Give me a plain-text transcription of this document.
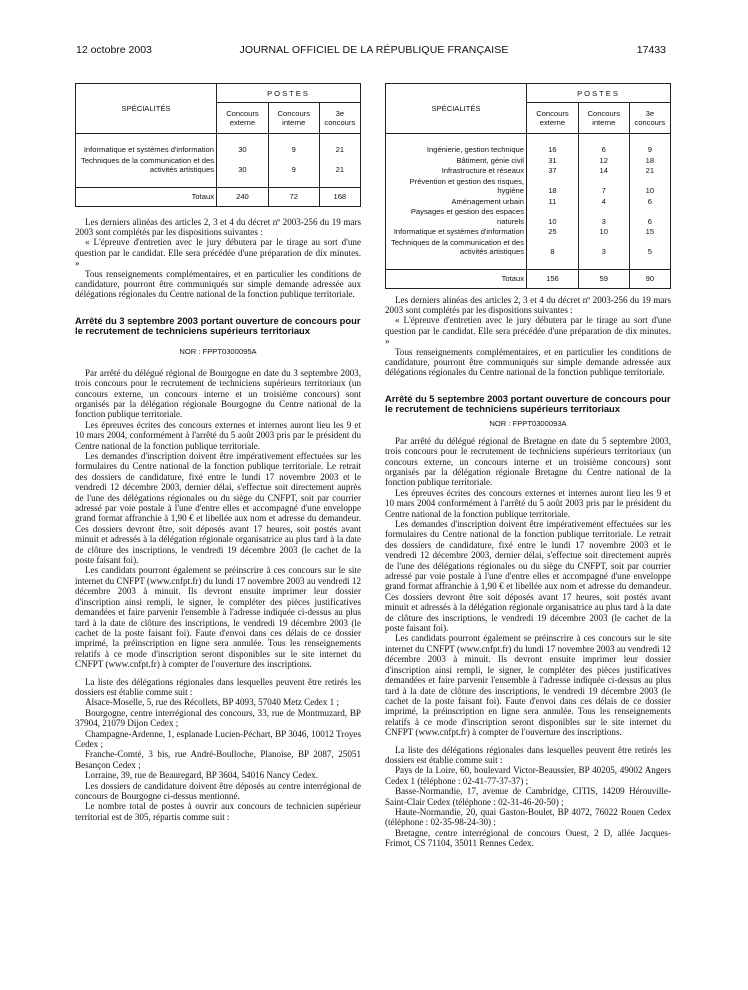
12 octobre 2003	JOURNAL OFFICIEL DE LA RÉPUBLIQUE FRANÇAISE	17433
SPÉCIALITÉS	POSTES		
	Concours externe	Concours interne	3e concours

Informatique et systèmes d'information	30	9	21
Techniques de la communication et des activités artistiques	30	9	21

Totaux	240	72	168

Les derniers alinéas des articles 2, 3 et 4 du décret nº 2003-256 du 19 mars 2003 sont complétés par les dispositions suivantes :

« L'épreuve d'entretien avec le jury débutera par le tirage au sort d'une question par le candidat. Elle sera précédée d'une préparation de dix minutes. »

Tous renseignements complémentaires, et en particulier les conditions de candidature, pourront être communiqués sur simple demande adressée aux délégations régionales du Centre national de la fonction publique territoriale.

Arrêté du 3 septembre 2003 portant ouverture de concours pour le recrutement de techniciens supérieurs territoriaux
NOR : FPPT0300095A

Par arrêté du délégué régional de Bourgogne en date du 3 septembre 2003, trois concours pour le recrutement de techniciens supérieurs territoriaux (un concours externe, un concours interne et un troisième concours) sont organisés par la délégation régionale Bourgogne du Centre national de la fonction publique territoriale.

Les épreuves écrites des concours externes et internes auront lieu les 9 et 10 mars 2004, conformément à l'arrêté du 5 août 2003 pris par le président du Centre national de la fonction publique territoriale.

Les demandes d'inscription doivent être impérativement effectuées sur les formulaires du Centre national de la fonction publique territoriale. Le retrait des dossiers de candidature, fixé entre le lundi 17 novembre 2003 et le vendredi 12 décembre 2003, dernier délai, s'effectue soit directement auprès de l'une des délégations régionales ou du siège du CNFPT, soit par courrier adressé par voie postale à l'une d'entre elles et accompagné d'une enveloppe grand format affranchie à 1,90 € et libellée aux nom et adresse du demandeur. Ces dossiers devront être, soit déposés avant 17 heures, soit postés avant minuit et adressés à la délégation régionale organisatrice au plus tard à la date de clôture des inscriptions, le vendredi 19 décembre 2003 (le cachet de la poste faisant foi).

Les candidats pourront également se préinscrire à ces concours sur le site internet du CNFPT (www.cnfpt.fr) du lundi 17 novembre 2003 au vendredi 12 décembre 2003 à minuit. Ils devront ensuite imprimer leur dossier d'inscription ainsi rempli, le signer, le compléter des pièces justificatives demandées et faire parvenir l'ensemble à l'adresse indiquée ci-dessus au plus tard à la date de clôture des inscriptions, le vendredi 19 décembre 2003 (le cachet de la poste faisant foi). Faute d'envoi dans ces délais de ce dossier imprimé, la préinscription en ligne sera annulée. Tous les renseignements relatifs à ce mode d'inscription seront disponibles sur le site internet du CNFPT (www.cnfpt.fr) à compter de l'ouverture des inscriptions.

La liste des délégations régionales dans lesquelles peuvent être retirés les dossiers est établie comme suit :

Alsace-Moselle, 5, rue des Récollets, BP 4093, 57040 Metz Cedex 1 ;

Bourgogne, centre interrégional des concours, 33, rue de Montmuzard, BP 37904, 21079 Dijon Cedex ;

Champagne-Ardenne, 1, esplanade Lucien-Péchart, BP 3046, 10012 Troyes Cedex ;

Franche-Comté, 3 bis, rue André-Boulloche, Planoise, BP 2087, 25051 Besançon Cedex ;

Lorraine, 39, rue de Beauregard, BP 3604, 54016 Nancy Cedex.

Les dossiers de candidature doivent être déposés au centre interrégional de concours de Bourgogne ci-dessus mentionné.

Le nombre total de postes à ouvrir aux concours de technicien supérieur territorial est de 305, répartis comme suit :

SPÉCIALITÉS	POSTES		
	Concours externe	Concours interne	3e concours

Ingénierie, gestion technique	16	6	9
Bâtiment, génie civil	31	12	18
Infrastructure et réseaux	37	14	21
Prévention et gestion des risques, hygiène	18	7	10
Aménagement urbain	11	4	6
Paysages et gestion des espaces naturels	10	3	6
Informatique et systèmes d'information	25	10	15
Techniques de la communication et des activités artistiques	8	3	5

Totaux	156	59	90

Les derniers alinéas des articles 2, 3 et 4 du décret nº 2003-256 du 19 mars 2003 sont complétés par les dispositions suivantes :

« L'épreuve d'entretien avec le jury débutera par le tirage au sort d'une question par le candidat. Elle sera précédée d'une préparation de dix minutes. »

Tous renseignements complémentaires, et en particulier les conditions de candidature, pourront être communiqués sur simple demande adressée aux délégations régionales du Centre national de la fonction publique territoriale.

Arrêté du 5 septembre 2003 portant ouverture de concours pour le recrutement de techniciens supérieurs territoriaux
NOR : FPPT0300093A

Par arrêté du délégué régional de Bretagne en date du 5 septembre 2003, trois concours pour le recrutement de techniciens supérieurs territoriaux (un concours externe, un concours interne et un troisième concours) sont organisés par la délégation régionale Bretagne du Centre national de la fonction publique territoriale.

Les épreuves écrites des concours externes et internes auront lieu les 9 et 10 mars 2004 conformément à l'arrêté du 5 août 2003 pris par le président du Centre national de la fonction publique territoriale.

Les demandes d'inscription doivent être impérativement effectuées sur les formulaires du Centre national de la fonction publique territoriale. Le retrait des dossiers de candidature, fixé entre le lundi 17 novembre 2003 et le vendredi 12 décembre 2003, dernier délai, s'effectue soit directement auprès de l'une des délégations régionales ou du siège du CNFPT, soit par courrier adressé par voie postale à l'une d'entre elles et accompagné d'une enveloppe grand format affranchie à 1,90 € et libellée aux nom et adresse du demandeur. Ces dossiers devront être soit déposés avant 17 heures, soit postés avant minuit et adressés à la délégation régionale organisatrice au plus tard à la date de clôture des inscriptions, le vendredi 19 décembre 2003 (le cachet de la poste faisant foi).

Les candidats pourront également se préinscrire à ces concours sur le site internet du CNFPT (www.cnfpt.fr) du lundi 17 novembre 2003 au vendredi 12 décembre 2003 à minuit. Ils devront ensuite imprimer leur dossier d'inscription ainsi rempli, le signer, le compléter des pièces justificatives demandées et faire parvenir l'ensemble à l'adresse indiquée ci-dessus au plus tard à la date de clôture des inscriptions, le vendredi 19 décembre 2003 (le cachet de la poste faisant foi). Faute d'envoi dans ces délais de ce dossier imprimé, la préinscription en ligne sera annulée. Tous les renseignements relatifs à ce mode d'inscription seront disponibles sur le site internet du CNFPT (www.cnfpt.fr) à compter de l'ouverture des inscriptions.

La liste des délégations régionales dans lesquelles peuvent être retirés les dossiers est établie comme suit :

Pays de la Loire, 60, boulevard Victor-Beaussier, BP 40205, 49002 Angers Cedex 1 (téléphone : 02-41-77-37-37) ;

Basse-Normandie, 17, avenue de Cambridge, CITIS, 14209 Hérouville-Saint-Clair Cedex (téléphone : 02-31-46-20-50) ;

Haute-Normandie, 20, quai Gaston-Boulet, BP 4072, 76022 Rouen Cedex (téléphone : 02-35-98-24-30) ;

Bretagne, centre interrégional de concours Ouest, 2 D, allée Jacques-Frimot, CS 71104, 35011 Rennes Cedex.
